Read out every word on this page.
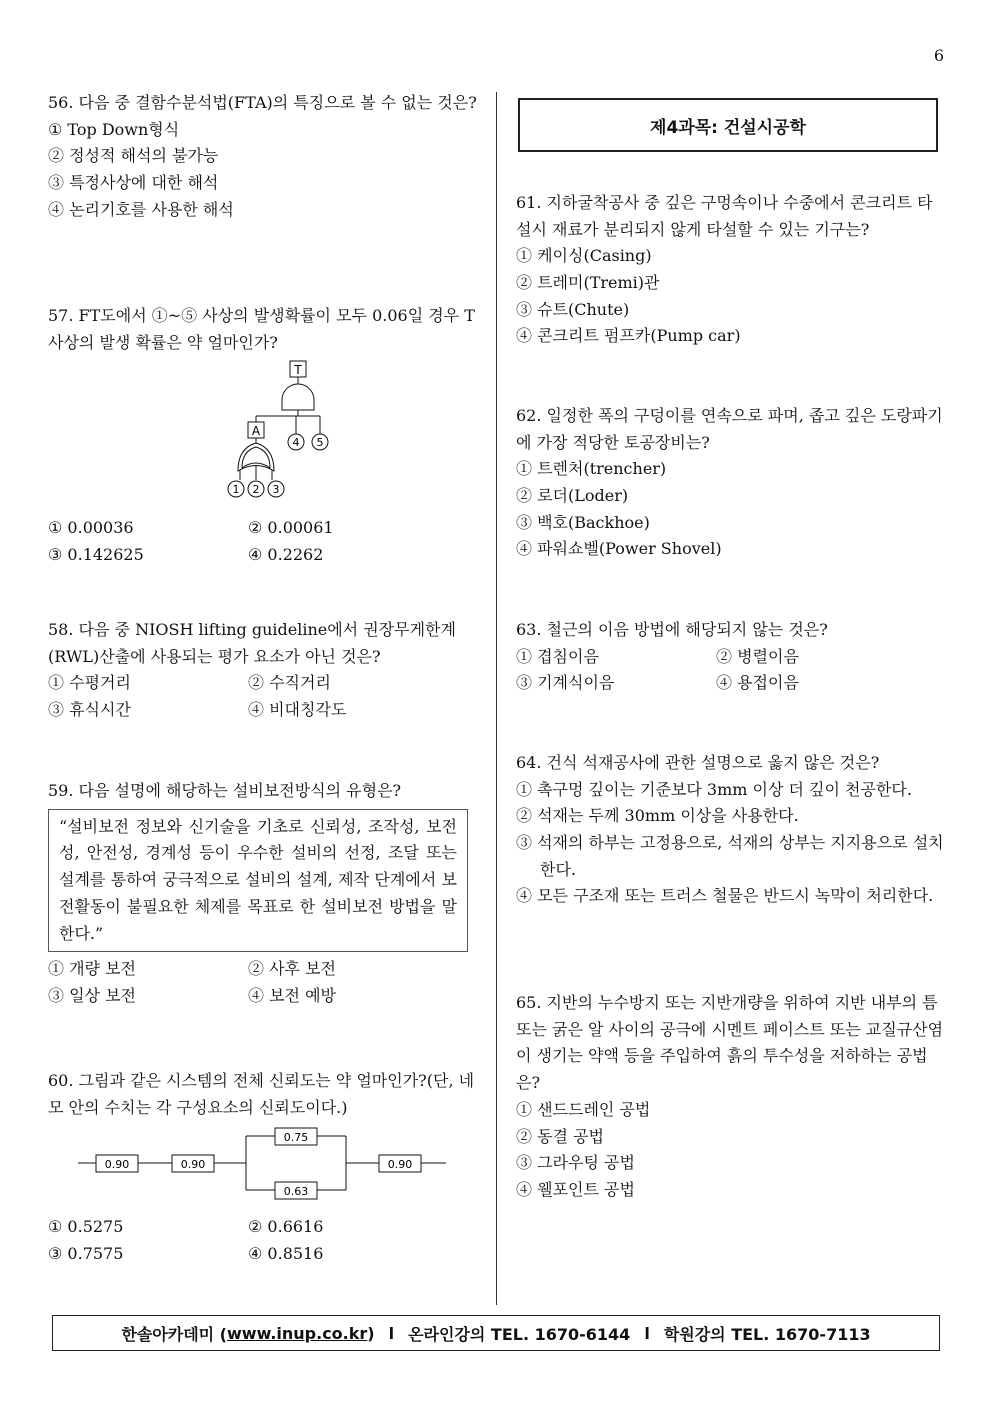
6
56. 다음 중 결함수분석법(FTA)의 특징으로 볼 수 없는 것은?
① Top Down형식
② 정성적 해석의 불가능
③ 특정사상에 대한 해석
④ 논리기호를 사용한 해석
57. FT도에서 ①~⑤ 사상의 발생확률이 모두 0.06일 경우 T 사상의 발생 확률은 약 얼마인가?
T
A
1 2 3
4 5
① 0.00036	② 0.00061
③ 0.142625	④ 0.2262
58. 다음 중 NIOSH lifting guideline에서 권장무게한계(RWL)산출에 사용되는 평가 요소가 아닌 것은?
① 수평거리	② 수직거리
③ 휴식시간	④ 비대칭각도
59. 다음 설명에 해당하는 설비보전방식의 유형은?
“설비보전 정보와 신기술을 기초로 신뢰성, 조작성, 보전성, 안전성, 경계성 등이 우수한 설비의 선정, 조달 또는 설계를 통하여 궁극적으로 설비의 설계, 제작 단계에서 보전활동이 불필요한 체제를 목표로 한 설비보전 방법을 말한다.”
① 개량 보전	② 사후 보전
③ 일상 보전	④ 보전 예방
60. 그림과 같은 시스템의 전체 신뢰도는 약 얼마인가?(단, 네모 안의 수치는 각 구성요소의 신뢰도이다.)
0.90	0.90
0.75
0.63
0.90
① 0.5275	② 0.6616
③ 0.7575	④ 0.8516
제4과목: 건설시공학
61. 지하굴착공사 중 깊은 구멍속이나 수중에서 콘크리트 타설시 재료가 분리되지 않게 타설할 수 있는 기구는?
① 케이싱(Casing)
② 트레미(Tremi)관
③ 슈트(Chute)
④ 콘크리트 펌프카(Pump car)
62. 일정한 폭의 구덩이를 연속으로 파며, 좁고 깊은 도랑파기에 가장 적당한 토공장비는?
① 트렌처(trencher)
② 로더(Loder)
③ 백호(Backhoe)
④ 파워쇼벨(Power Shovel)
63. 철근의 이음 방법에 해당되지 않는 것은?
① 겹침이음	② 병렬이음
③ 기계식이음	④ 용접이음
64. 건식 석재공사에 관한 설명으로 옳지 않은 것은?
① 촉구멍 깊이는 기준보다 3mm 이상 더 깊이 천공한다.
② 석재는 두께 30mm 이상을 사용한다.
③ 석재의 하부는 고정용으로, 석재의 상부는 지지용으로 설치한다.
④ 모든 구조재 또는 트러스 철물은 반드시 녹막이 처리한다.
65. 지반의 누수방지 또는 지반개량을 위하여 지반 내부의 틈 또는 굵은 알 사이의 공극에 시멘트 페이스트 또는 교질규산염이 생기는 약액 등을 주입하여 흙의 투수성을 저하하는 공법은?
① 샌드드레인 공법
② 동결 공법
③ 그라우팅 공법
④ 웰포인트 공법
한솔아카데미 ( www.inup.co.kr ) l 온라인강의 TEL. 1670-6144 l 학원강의 TEL. 1670-7113
